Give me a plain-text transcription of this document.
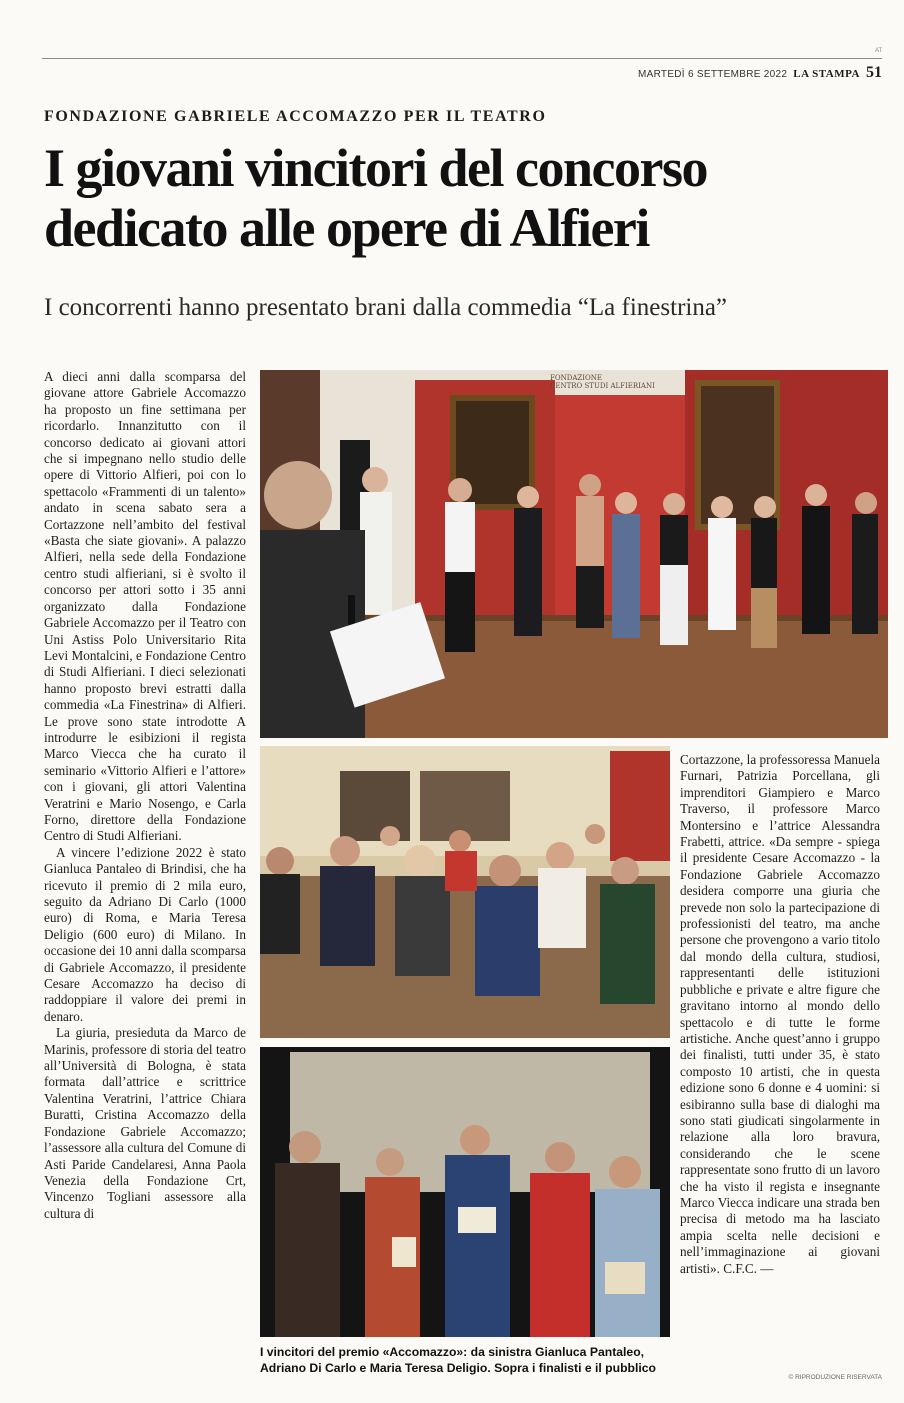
AT
MARTEDÌ 6 SETTEMBRE 2022 LA STAMPA 51
FONDAZIONE GABRIELE ACCOMAZZO PER IL TEATRO
I giovani vincitori del concorso
dedicato alle opere di Alfieri
I concorrenti hanno presentato brani dalla commedia “La finestrina”

A dieci anni dalla scomparsa del giovane attore Gabriele Accomazzo ha proposto un fine settimana per ricordarlo. Innanzitutto con il concorso dedicato ai giovani attori che si impegnano nello studio delle opere di Vittorio Alfieri, poi con lo spettacolo «Frammenti di un talento» andato in scena sabato sera a Cortazzone nell’ambito del festival «Basta che siate giovani». A palazzo Alfieri, nella sede della Fondazione centro studi alfieriani, si è svolto il concorso per attori sotto i 35 anni organizzato dalla Fondazione Gabriele Accomazzo per il Teatro con Uni Astiss Polo Universitario Rita Levi Montalcini, e Fondazione Centro di Studi Alfieriani. I dieci selezionati hanno proposto brevi estratti dalla commedia «La Finestrina» di Alfieri. Le prove sono state introdotte A introdurre le esibizioni il regista Marco Viecca che ha curato il seminario «Vittorio Alfieri e l’attore» con i giovani, gli attori Valentina Veratrini e Mario Nosengo, e Carla Forno, direttore della Fondazione Centro di Studi Alfieriani.

A vincere l’edizione 2022 è stato Gianluca Pantaleo di Brindisi, che ha ricevuto il premio di 2 mila euro, seguito da Adriano Di Carlo (1000 euro) di Roma, e Maria Teresa Deligio (600 euro) di Milano. In occasione dei 10 anni dalla scomparsa di Gabriele Accomazzo, il presidente Cesare Accomazzo ha deciso di raddoppiare il valore dei premi in denaro.

La giuria, presieduta da Marco de Marinis, professore di storia del teatro all’Università di Bologna, è stata formata dall’attrice e scrittrice Valentina Veratrini, l’attrice Chiara Buratti, Cristina Accomazzo della Fondazione Gabriele Accomazzo; l’assessore alla cultura del Comune di Asti Paride Candelaresi, Anna Paola Venezia della Fondazione Crt, Vincenzo Togliani assessore alla cultura di

FONDAZIONE CENTRO STUDI ALFIERIANI

Cortazzone, la professoressa Manuela Furnari, Patrizia Porcellana, gli imprenditori Giampiero e Marco Traverso, il professore Marco Montersino e l’attrice Alessandra Frabetti, attrice. «Da sempre - spiega il presidente Cesare Accomazzo - la Fondazione Gabriele Accomazzo desidera comporre una giuria che prevede non solo la partecipazione di professionisti del teatro, ma anche persone che provengono a vario titolo dal mondo della cultura, studiosi, rappresentanti delle istituzioni pubbliche e private e altre figure che gravitano intorno al mondo dello spettacolo e di tutte le forme artistiche. Anche quest’anno i gruppo dei finalisti, tutti under 35, è stato composto 10 artisti, che in questa edizione sono 6 donne e 4 uomini: si esibiranno sulla base di dialoghi ma sono stati giudicati singolarmente in relazione alla loro bravura, considerando che le scene rappresentate sono frutto di un lavoro che ha visto il regista e insegnante Marco Viecca indicare una strada ben precisa di metodo ma ha lasciato ampia scelta nelle decisioni e nell’immaginazione ai giovani artisti». C.F.C. —

I vincitori del premio «Accomazzo»: da sinistra Gianluca Pantaleo, Adriano Di Carlo e Maria Teresa Deligio. Sopra i finalisti e il pubblico
© RIPRODUZIONE RISERVATA
